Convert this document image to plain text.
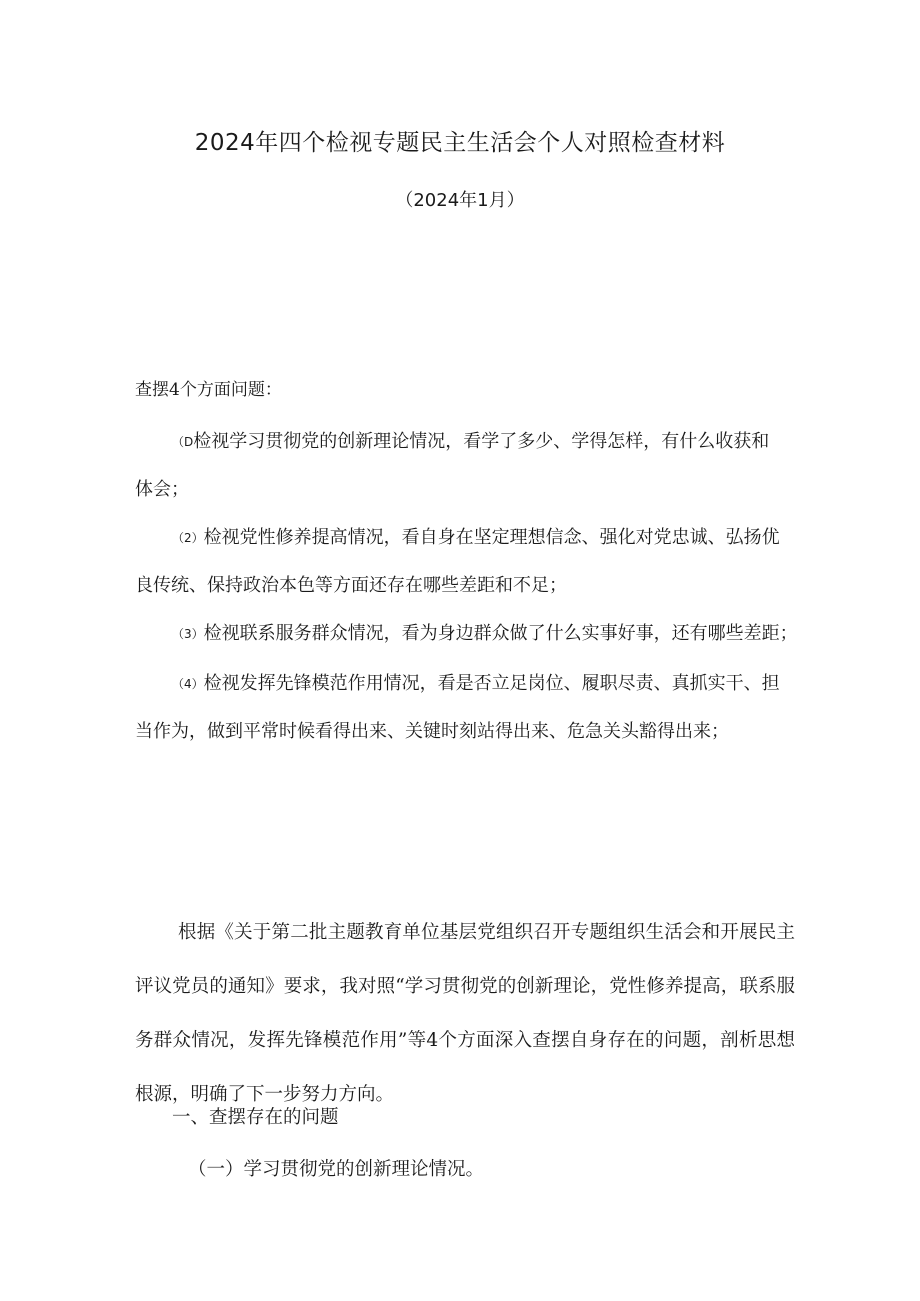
2024年四个检视专题民主生活会个人对照检查材料
（2024年1月）
查摆4个方面问题：
（D检视学习贯彻党的创新理论情况，看学了多少、学得怎样，有什么收获和
体会；
（2）检视党性修养提高情况，看自身在坚定理想信念、强化对党忠诚、弘扬优
良传统、保持政治本色等方面还存在哪些差距和不足；
（3）检视联系服务群众情况，看为身边群众做了什么实事好事，还有哪些差距；
（4）检视发挥先锋模范作用情况，看是否立足岗位、履职尽责、真抓实干、担
当作为，做到平常时候看得出来、关键时刻站得出来、危急关头豁得出来；

根据《关于第二批主题教育单位基层党组织召开专题组织生活会和开展民主评议党员的通知》要求，我对照“学习贯彻党的创新理论，党性修养提高，联系服务群众情况，发挥先锋模范作用”等4个方面深入查摆自身存在的问题，剖析思想根源，明确了下一步努力方向。

一、查摆存在的问题
（一）学习贯彻党的创新理论情况。
